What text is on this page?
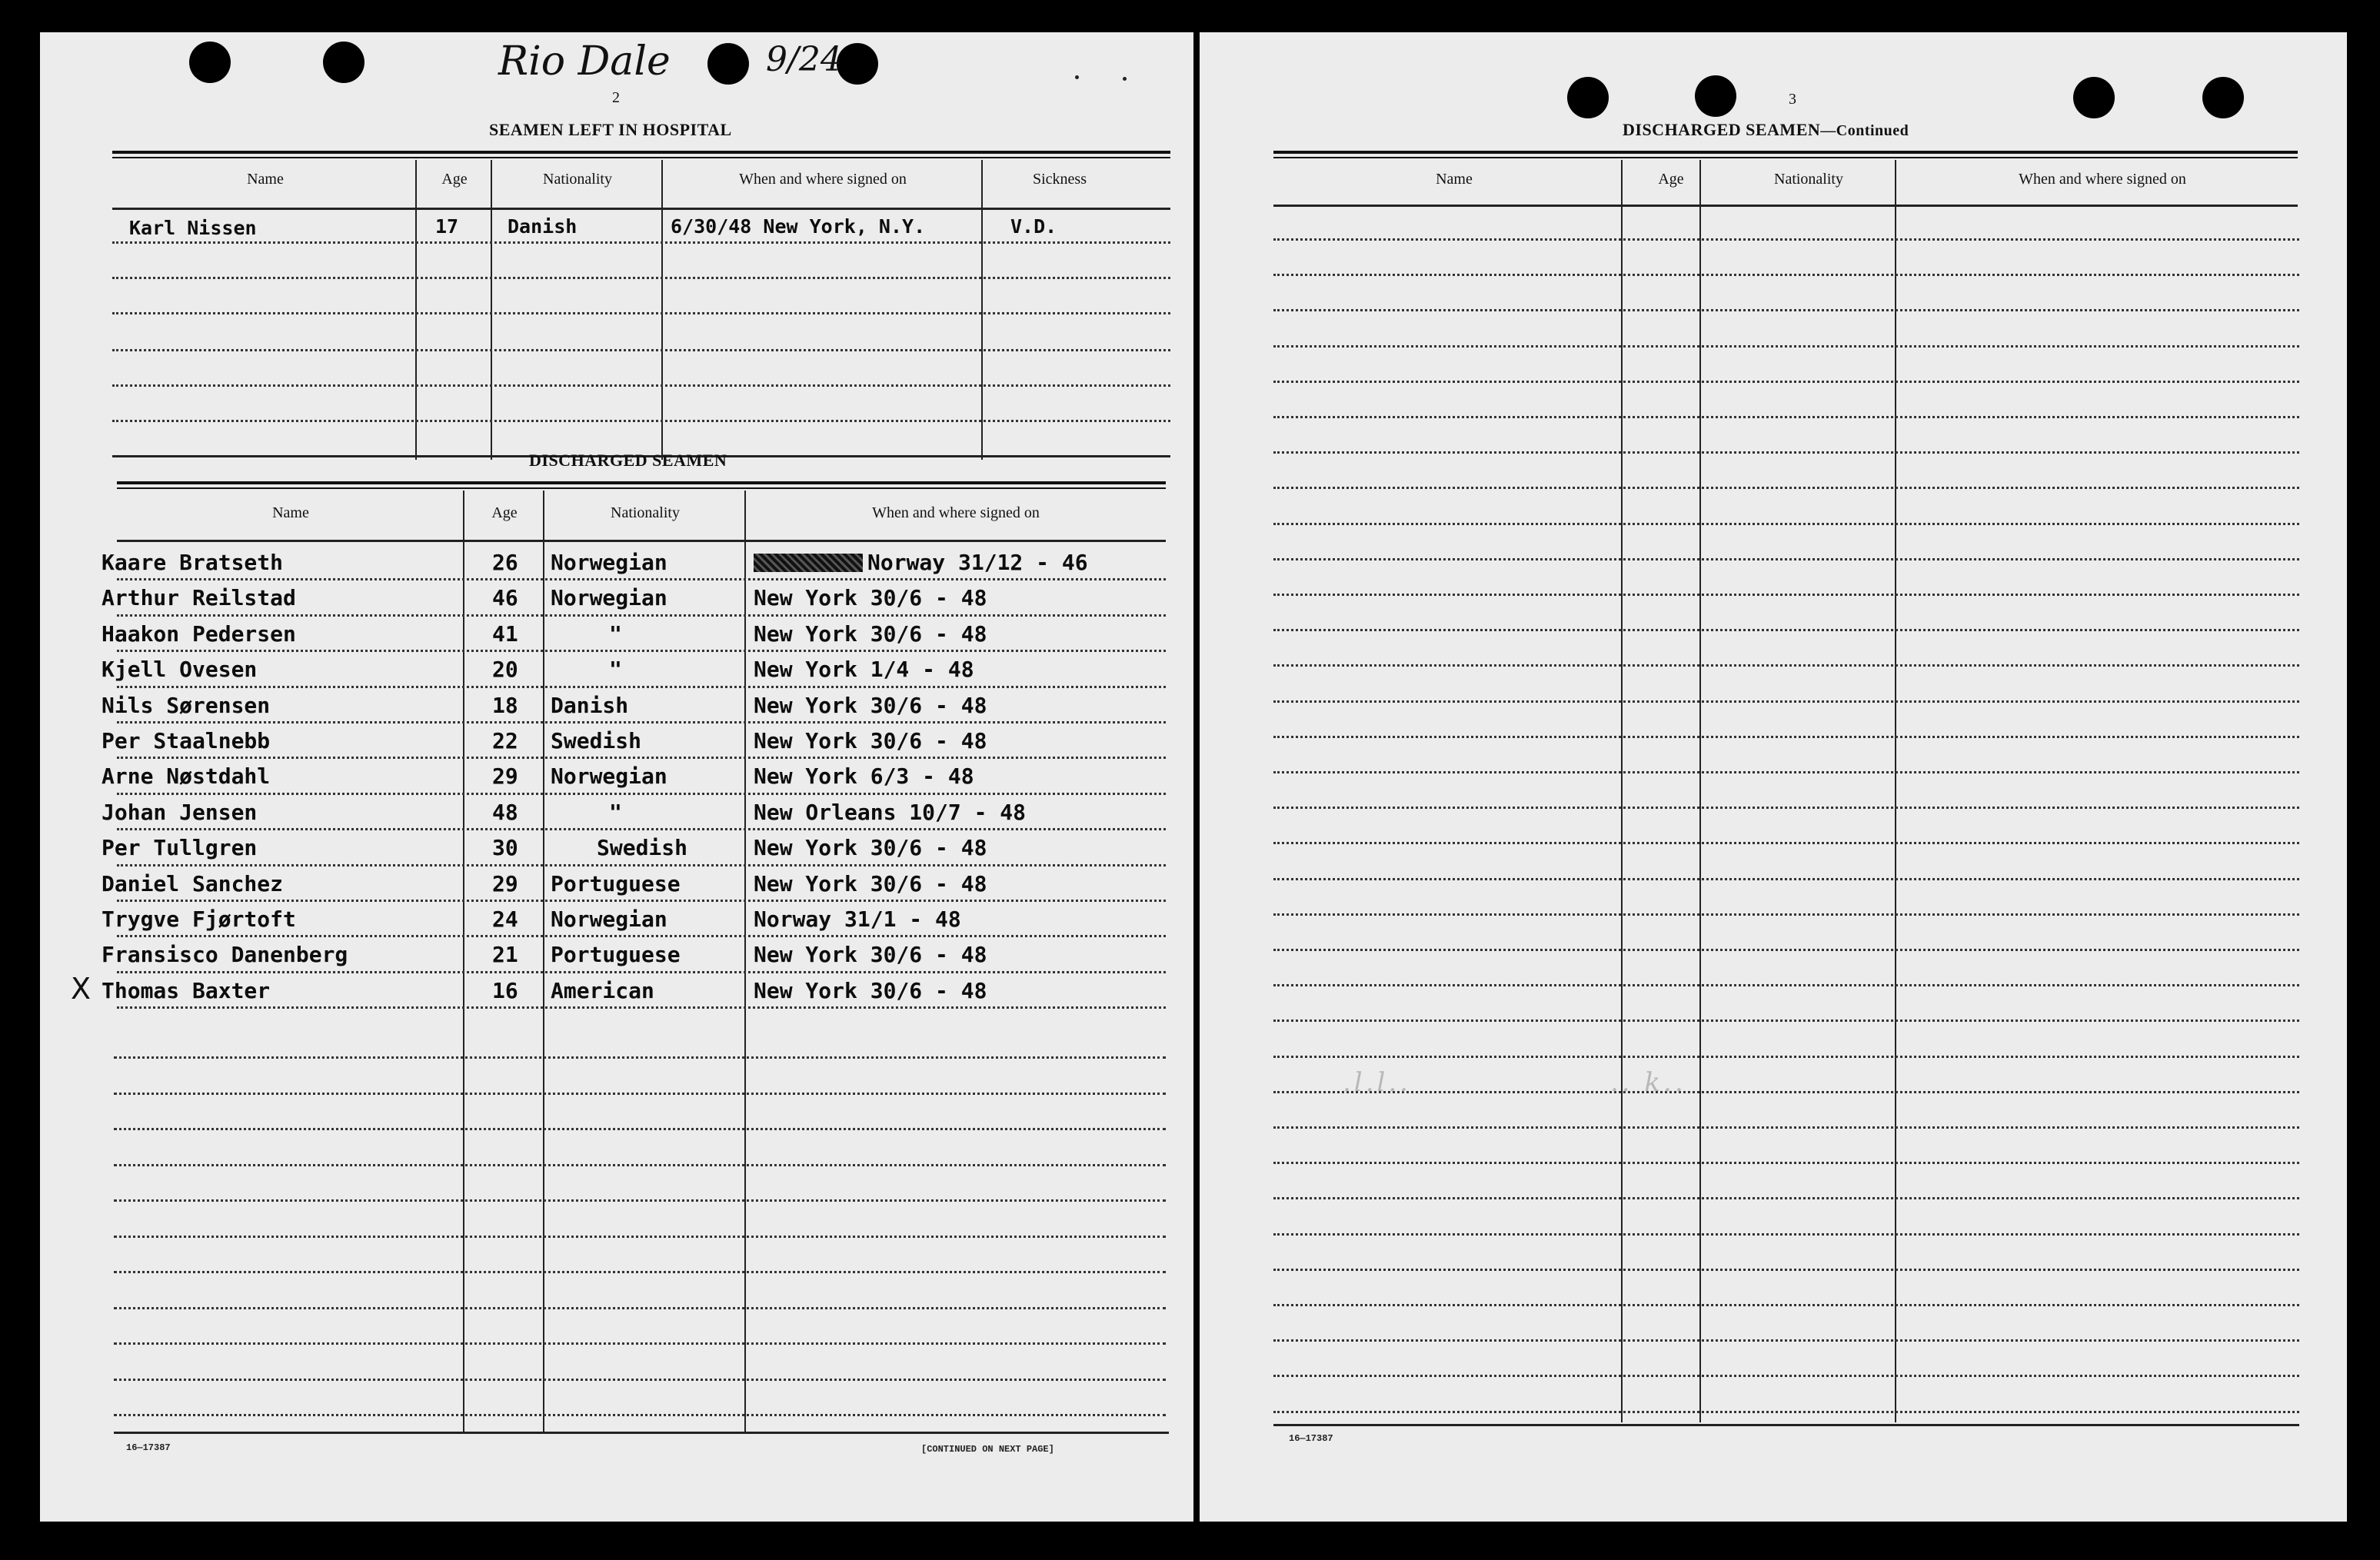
Rio Dale	9/24
2
SEAMEN LEFT IN HOSPITAL
Name	Age	Nationality	When and where signed on	Sickness
Karl Nissen	17	Danish	6/30/48 New York, N.Y.	V.D.
DISCHARGED SEAMEN
Name	Age	Nationality	When and where signed on
Kaare Bratseth	26 Norwegian	Norway 31/12 - 46
Arthur Reilstad	46 Norwegian	New York 30/6 - 48
Haakon Pedersen	41	"	New York 30/6 - 48
Kjell Ovesen	20	"	New York 1/4 - 48
Nils Sørensen	18 Danish	New York 30/6 - 48
Per Staalnebb	22 Swedish	New York 30/6 - 48
Arne Nøstdahl	29 Norwegian	New York 6/3 - 48
Johan Jensen	48	"	New Orleans 10/7 - 48
Per Tullgren	30	Swedish	New York 30/6 - 48
Daniel Sanchez	29 Portuguese	New York 30/6 - 48
Trygve Fjørtoft	24 Norwegian	Norway 31/1 - 48
Fransisco Danenberg	21 Portuguese	New York 30/6 - 48
Thomas Baxter	16 American	New York 30/6 - 48
X
16—17387	[CONTINUED ON NEXT PAGE]
3
DISCHARGED SEAMEN—Continued
Name	Age	Nationality	When and where signed on
.l.l..	.. k..
16—17387
